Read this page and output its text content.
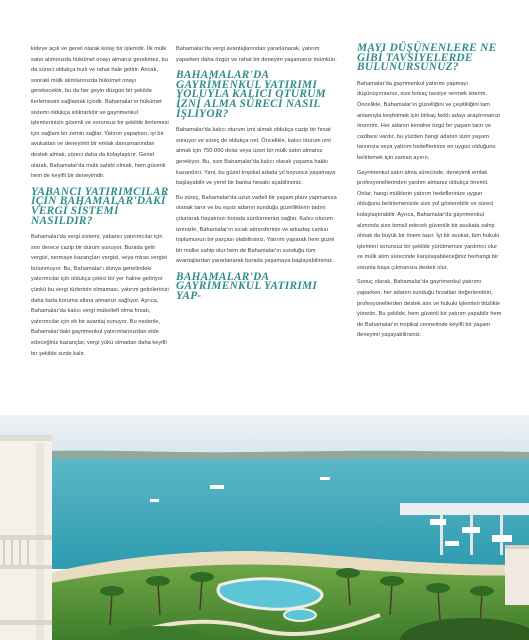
kideye açık ve genel olarak kolay bir işlemdir. İlk mülk satın alımınızda hükümet onayı almanız gerekmez, bu da süreci oldukça hızlı ve rahat hale getirir. Ancak, sonraki mülk alımlarınızda hükümet onayı gerekecektir, bu da her geyin düzgün bir şekilde ilerlemesini sağlamak içindir. Bahamalar'ın hükümet sistemi oldukça istikrarlıdır ve gayrimenkul işlemlerinizin güvenli ve sorunsuz bir şekilde ilerlemesi için sağlam bir zemin sağlar. Yatırım yaparken, iyi bir avukattan ve deneyimli bir emlak danışmanından destek almak, süreci daha da kolaylaştırır. Genel olarak, Bahamalar'da mülk sahibi olmak, hem güvenli hem de keyifli bir deneyimdir.

YABANCI YATIRIMCILAR İÇİN BAHAMALAR'DAKİ VERGİ SİSTEMİ NASILDIR?

Bahamalar'da vergi sistemi, yabancı yatırımcılar için son derece cazip bir durum sunuyor. Burada gelir vergisi, sermaye kazançları vergisi, veya miras vergisi bulunmuyor. Bu, Bahamalar'ı dünya genelindeki yatırımcılar için oldukça çekici bir yer haline getiriyor çünkü bu vergi türlerinin olmaması, yatırım getirilerinizi daha fazla koruma altına almanızı sağlıyor. Ayrıca, Bahamalar'da kalıcı vergi mükellefi olma fırsatı, yatırımcılar için ek bir avantaj sunuyor. Bu nedenle, Bahamalar'daki gayrimenkul yatırımlarınızdan elde edeceğiniz kazançlar, vergi yükü olmadan daha keyifli bir şekilde sizde kalır.

Bahamalar'da vergi avantajlarından yararlanarak, yatırım yaparken daha özgür ve rahat bir deneyim yaşamanız mümkün.

BAHAMALAR'DA GAYRİMENKUL YATIRIMI YOLUYLA KALICI OTURUM İZNİ ALMA SÜRECİ NASIL İŞLİYOR?

Bahamalar'da kalıcı oturum izni almak oldukça cazip bir fırsat sunuyor ve süreç de oldukça net. Öncelikle, kalıcı oturum izni almak için 750.000 dolar veya üzeri bir mülk satın almanız gerekiyor. Bu, size Bahamalar'da kalıcı olarak yaşama hakkı kazandırır. Yani, bu güzel tropikal adada yıl boyunca yaşamaya başlayabilir ve yerel bir banka hesabı açabilirsiniz.

Bu süreç, Bahamalar'da uzun vadeli bir yaşam planı yapmanıza olanak tanır ve bu eşsiz adanın sunduğu güzelliklerin tadını çıkararak hayatınızı burada sürdürmenizi sağlar. Kalıcı oturum izninizle, Bahamalar'ın sıcak atmosferinin ve arkadaş canlısı toplumunun bir parçası olabilirsiniz. Yatırım yaparak hem güzel bir mülke sahip olur hem de Bahamalar'ın sunduğu tüm avantajlardan yararlanarak burada yaşamaya başlayabilirsiniz.

BAHAMALAR'DA GAYRİMENKUL YATIRIMI YAP-
MAYI DÜŞÜNENLERE NE GİBİ TAVSİYELERDE BULUNURSUNUZ?

Bahamalar'da gayrimenkul yatırımı yapmayı düşünüyorsanız, size birkaç tavsiye vermek isterim. Öncelikle, Bahamalar'ın güzelliğini ve çeşitliliğini tam anlamıyla keşfetmek için birkaç farklı adayı araştırmanızı öneririm. Her adanın kendine özgü bir yaşam tarzı ve cazibesi vardır, bu yüzden hangi adanın sizin yaşam tarzınıza veya yatırım hedeflerinize en uygun olduğunu belirlemek için zaman ayırın.

Gayrimenkul satın alma sürecinde, deneyimli emlak profesyonellerinden yardım almanız oldukça önemli. Onlar, hangi mülklerin yatırım hedeflerinize uygun olduğunu belirlemenizde size yol gösterebilir ve süreci kolaylaştırabilir. Ayrıca, Bahamalar'da gayrimenkul alımında size temsil edecek güvenilir bir avukata sahip olmak da büyük bir önem taşır. İyi bir avukat, tüm hukuki işlemleri sorunsuz bir şekilde yürütmenize yardımcı olur ve mülk alım sürecinde karşılaşabileceğiniz herhangi bir sorunla başa çıkmanıza destek olur.

Sonuç olarak, Bahamalar'da gayrimenkul yatırımı yaparken, her adanın sunduğu fırsatları değerlendirin, profesyonellerden destek alın ve hukuki işlemleri titizlikle yönetin. Bu şekilde, hem güvenli bir yatırım yapabilir hem de Bahamalar'ın tropikal cennetinde keyifli bir yaşam deneyimi yaşayabilirsiniz.
